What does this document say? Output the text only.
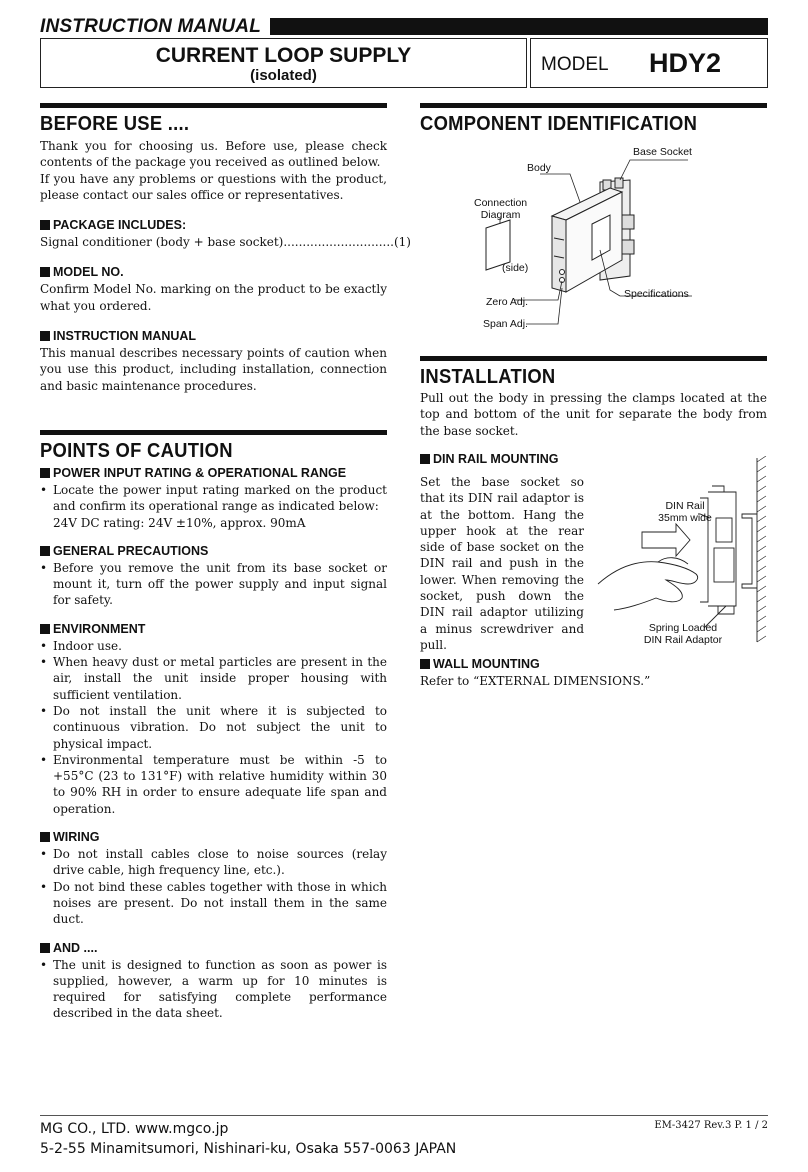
INSTRUCTION MANUAL
CURRENT LOOP SUPPLY
(isolated)
MODEL HDY2
BEFORE USE ....

Thank you for choosing us. Before use, please check contents of the package you received as outlined below.

If you have any problems or questions with the product, please contact our sales office or representatives.

PACKAGE INCLUDES:

Signal conditioner (body + base socket).............................(1)

MODEL NO.

Confirm Model No. marking on the product to be exactly what you ordered.

INSTRUCTION MANUAL

This manual describes necessary points of caution when you use this product, including installation, connection and basic maintenance procedures.

POINTS OF CAUTION

POWER INPUT RATING & OPERATIONAL RANGE

• Locate the power input rating marked on the product and confirm its operational range as indicated below:

24V DC rating: 24V ±10%, approx. 90mA

GENERAL PRECAUTIONS

• Before you remove the unit from its base socket or mount it, turn off the power supply and input signal for safety.

ENVIRONMENT

• Indoor use.

• When heavy dust or metal particles are present in the air, install the unit inside proper housing with sufficient ventilation.

• Do not install the unit where it is subjected to continuous vibration. Do not subject the unit to physical impact.

• Environmental temperature must be within -5 to +55°C (23 to 131°F) with relative humidity within 30 to 90% RH in order to ensure adequate life span and operation.

WIRING

• Do not install cables close to noise sources (relay drive cable, high frequency line, etc.).

• Do not bind these cables together with those in which noises are present. Do not install them in the same duct.

AND ....

• The unit is designed to function as soon as power is supplied, however, a warm up for 10 minutes is required for satisfying complete performance described in the data sheet.

COMPONENT IDENTIFICATION
Base Socket
Body
Connection
Diagram
(side)
Zero Adj.
Specifications
Span Adj.
INSTALLATION

Pull out the body in pressing the clamps located at the top and bottom of the unit for separate the body from the base socket.

DIN RAIL MOUNTING

Set the base socket so that its DIN rail adaptor is at the bottom. Hang the upper hook at the rear side of base socket on the DIN rail and push in the lower. When removing the socket, push down the DIN rail adaptor utilizing a minus screwdriver and pull.

DIN Rail
35mm wide
Spring Loaded
DIN Rail Adaptor

WALL MOUNTING

Refer to “EXTERNAL DIMENSIONS.”

MG CO., LTD. www.mgco.jp
5-2-55 Minamitsumori, Nishinari-ku, Osaka 557-0063 JAPAN
EM-3427 Rev.3 P. 1 / 2
